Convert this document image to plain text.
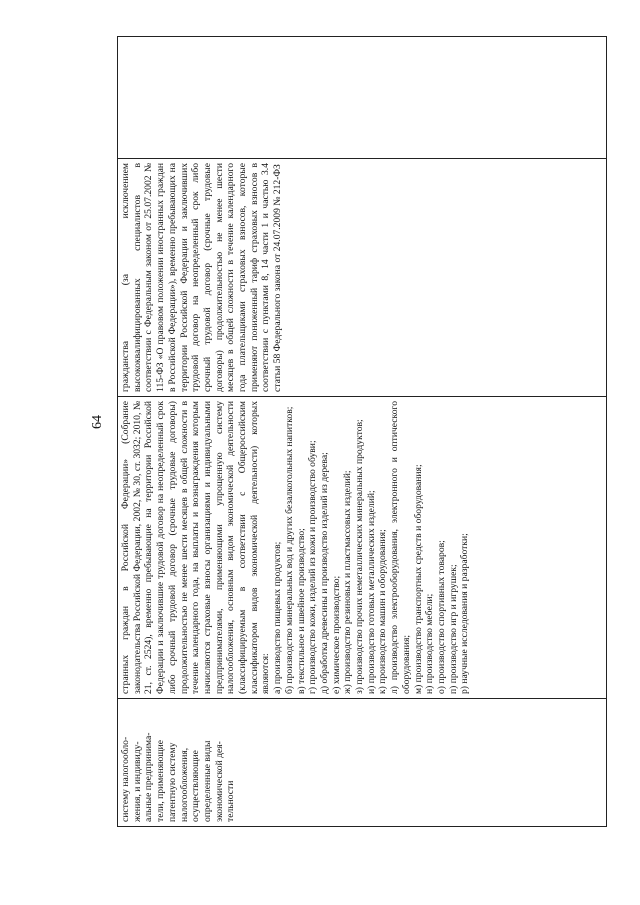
64
систему налогообло- жения, и индивиду- альные предпринима- тели, применяющие патентную систему налогообложения, осуществляющие определенные виды экономической дея- тельности

странных граждан в Российской Федерации» (Собрание законодательства Российской Федерации, 2002, № 30, ст. 3032; 2010, № 21, ст. 2524), временно пребывающие на территории Российской Федерации и заключившие трудовой договор на неопределенный срок либо срочный трудовой договор (срочные трудовые договоры) продолжительностью не менее шести месяцев в общей сложности в течение календарного года, на выплаты и вознаграждения которым начисляются страховые взносы организациями и индивидуальными предпринимателями, применяющими упрощенную систему налогообложения, основным видом экономической деятельности (классифицируемым в соответствии с Общероссийским классификатором видов экономической деятельности) которых являются: а) производство пищевых продуктов; б) производство минеральных вод и других безалкогольных напитков; в) текстильное и швейное производство; г) производство кожи, изделий из кожи и производство обуви; д) обработка древесины и производство изделий из дерева; е) химическое производство; ж) производство резиновых и пластмассовых изделий; з) производство прочих неметаллических минеральных продуктов; и) производство готовых металлических изделий; к) производство машин и оборудования; л) производство электрооборудования, электронного и оптического оборудования; м) производство транспортных средств и оборудования; н) производство мебели; о) производство спортивных товаров; п) производство игр и игрушек; р) научные исследования и разработки;

гражданства (за исключением высококвалифицированных специалистов в соответствии с Федеральным законом от 25.07.2002 № 115-ФЗ «О правовом положении иностранных граждан в Российской Федерации»), временно пребывающих на территории Российской Федерации и заключивших трудовой договор на неопределенный срок либо срочный трудовой договор (срочные трудовые договоры) продолжительностью не менее шести месяцев в общей сложности в течение календарного года плательщиками страховых взносов, которые применяют пониженный тариф страховых взносов в соответствии с пунктами 8, 14 части 1 и частью 3.4 статьи 58 Федерального закона от 24.07.2009 № 212-ФЗ
